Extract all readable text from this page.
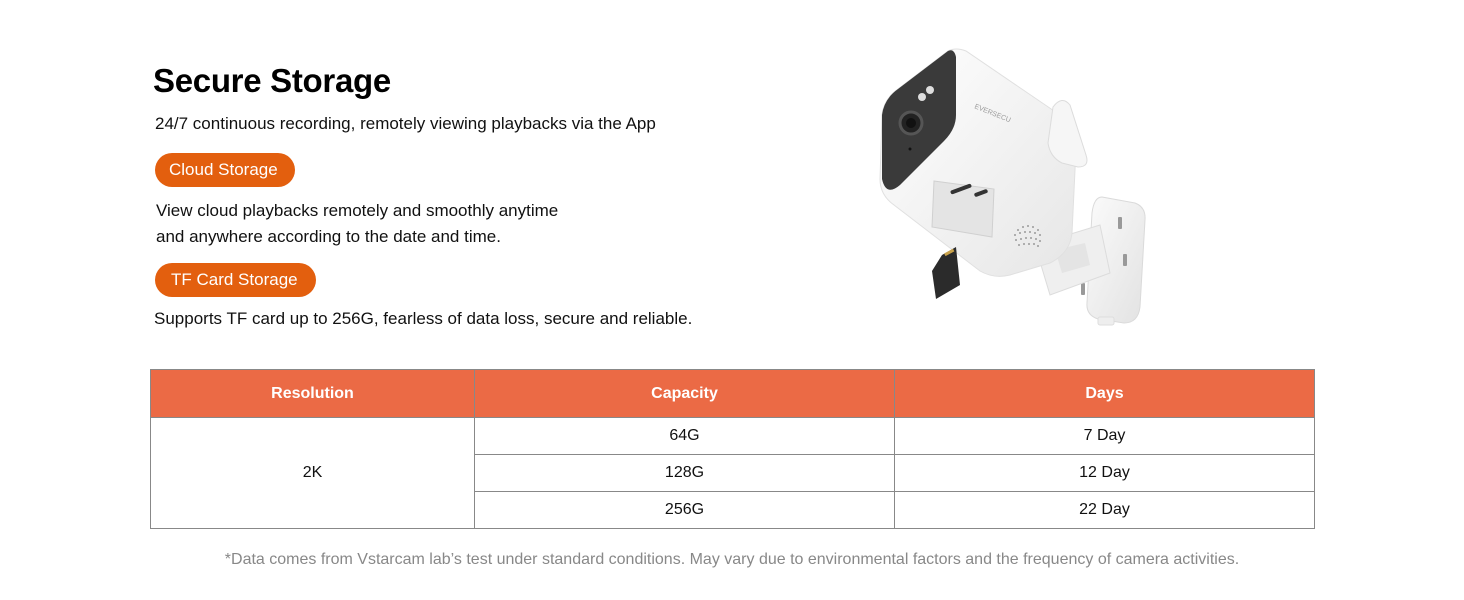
Secure Storage
24/7 continuous recording, remotely viewing playbacks via the App
Cloud Storage
View cloud playbacks remotely and smoothly anytime
and anywhere according to the date and time.
TF Card Storage
Supports TF card up to 256G, fearless of data loss, secure and reliable.
EVERSECU
Resolution	Capacity	Days
2K	64G	7 Day
	128G	12 Day
	256G	22 Day
*Data comes from Vstarcam lab’s test under standard conditions. May vary due to environmental factors and the frequency of camera activities.
